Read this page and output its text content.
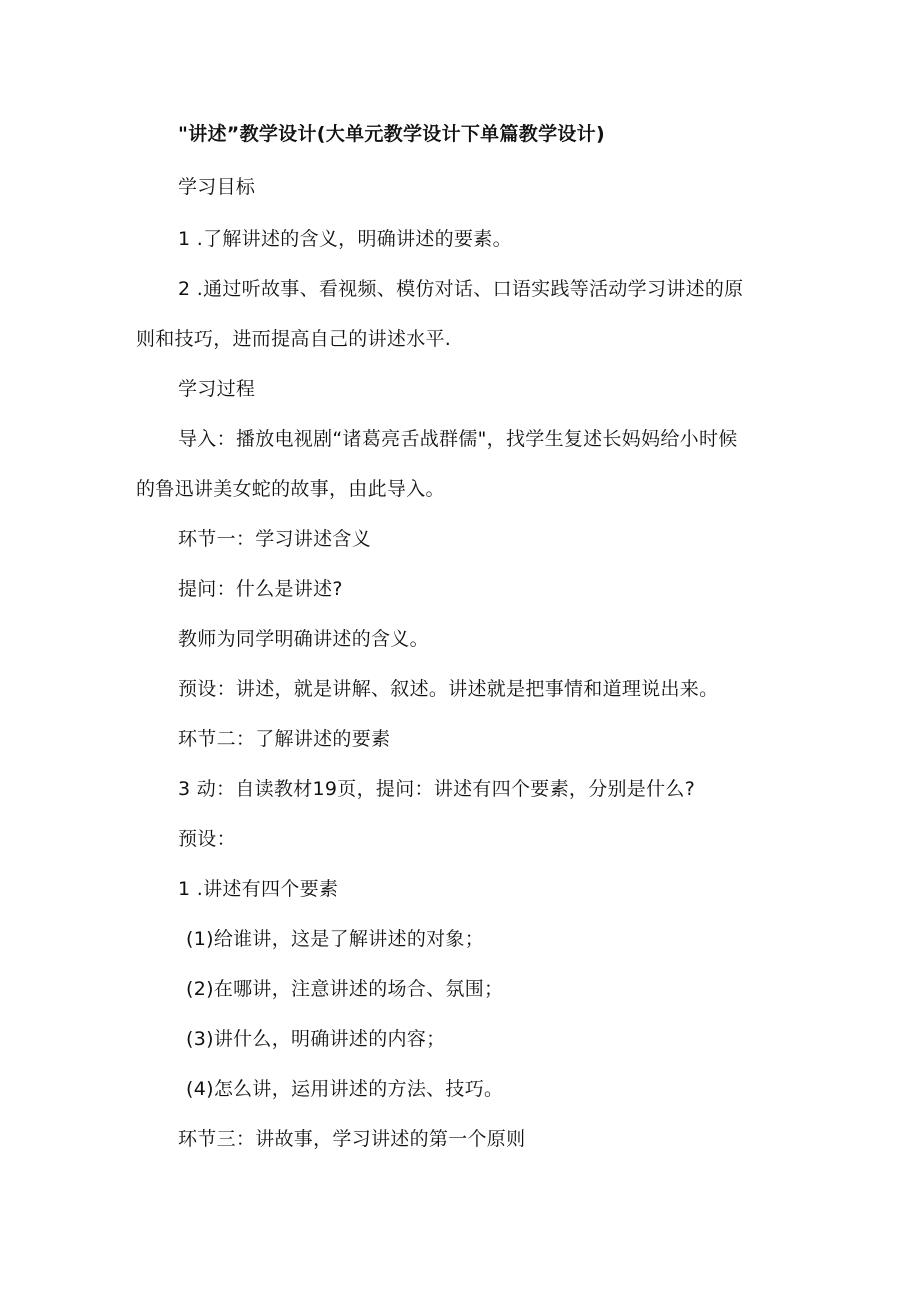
"讲述”教学设计(大单元教学设计下单篇教学设计)
学习目标
1 .了解讲述的含义，明确讲述的要素。
2 .通过听故事、看视频、模仿对话、口语实践等活动学习讲述的原
则和技巧，进而提高自己的讲述水平.
学习过程
导入：播放电视剧“诸葛亮舌战群儒"，找学生复述长妈妈给小时候
的鲁迅讲美女蛇的故事，由此导入。
环节一：学习讲述含义
提问：什么是讲述?
教师为同学明确讲述的含义。
预设：讲述，就是讲解、叙述。讲述就是把事情和道理说出来。
环节二：了解讲述的要素
3 动：自读教材19页，提问：讲述有四个要素，分别是什么?
预设：
1 .讲述有四个要素
(1)给谁讲，这是了解讲述的对象；
(2)在哪讲，注意讲述的场合、氛围；
(3)讲什么，明确讲述的内容；
(4)怎么讲，运用讲述的方法、技巧。
环节三：讲故事，学习讲述的第一个原则
